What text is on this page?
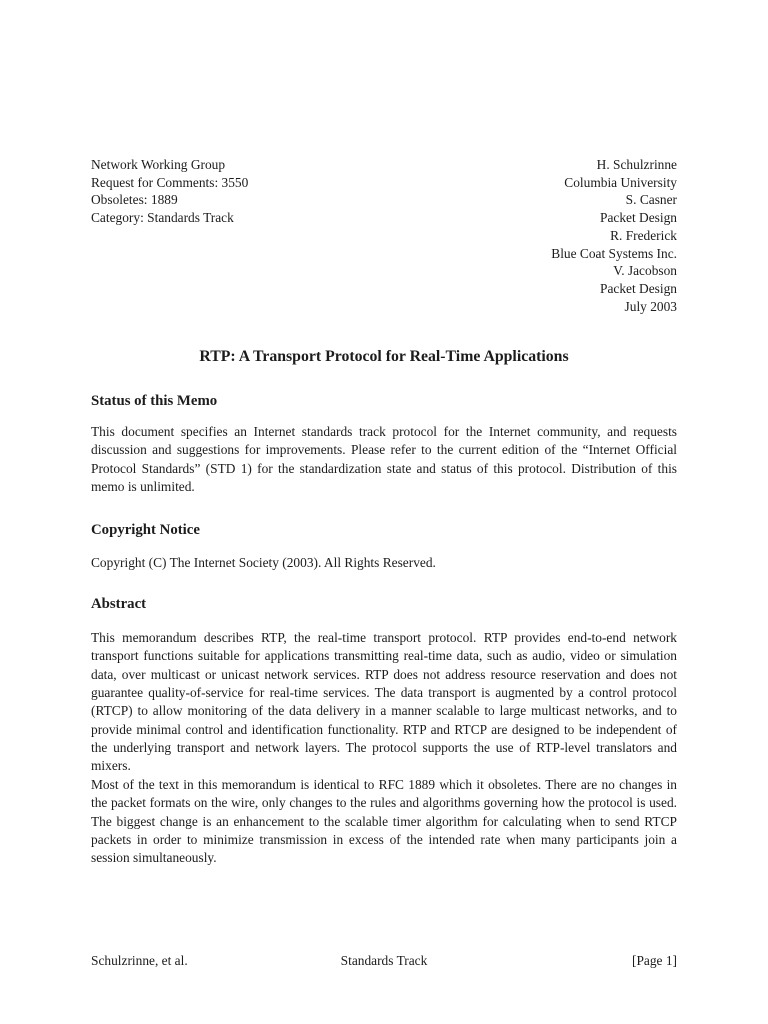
Network Working Group
Request for Comments: 3550
Obsoletes: 1889
Category: Standards Track
H. Schulzrinne
Columbia University
S. Casner
Packet Design
R. Frederick
Blue Coat Systems Inc.
V. Jacobson
Packet Design
July 2003
RTP: A Transport Protocol for Real-Time Applications
Status of this Memo

This document specifies an Internet standards track protocol for the Internet community, and requests discussion and suggestions for improvements. Please refer to the current edition of the “Internet Official Protocol Standards” (STD 1) for the standardization state and status of this protocol. Distribution of this memo is unlimited.

Copyright Notice

Copyright (C) The Internet Society (2003). All Rights Reserved.

Abstract

This memorandum describes RTP, the real-time transport protocol. RTP provides end-to-end network transport functions suitable for applications transmitting real-time data, such as audio, video or simulation data, over multicast or unicast network services. RTP does not address resource reservation and does not guarantee quality-of-service for real-time services. The data transport is augmented by a control protocol (RTCP) to allow monitoring of the data delivery in a manner scalable to large multicast networks, and to provide minimal control and identification functionality. RTP and RTCP are designed to be independent of the underlying transport and network layers. The protocol supports the use of RTP-level translators and mixers.

Most of the text in this memorandum is identical to RFC 1889 which it obsoletes. There are no changes in the packet formats on the wire, only changes to the rules and algorithms governing how the protocol is used. The biggest change is an enhancement to the scalable timer algorithm for calculating when to send RTCP packets in order to minimize transmission in excess of the intended rate when many participants join a session simultaneously.

Schulzrinne, et al.	Standards Track	[Page 1]
